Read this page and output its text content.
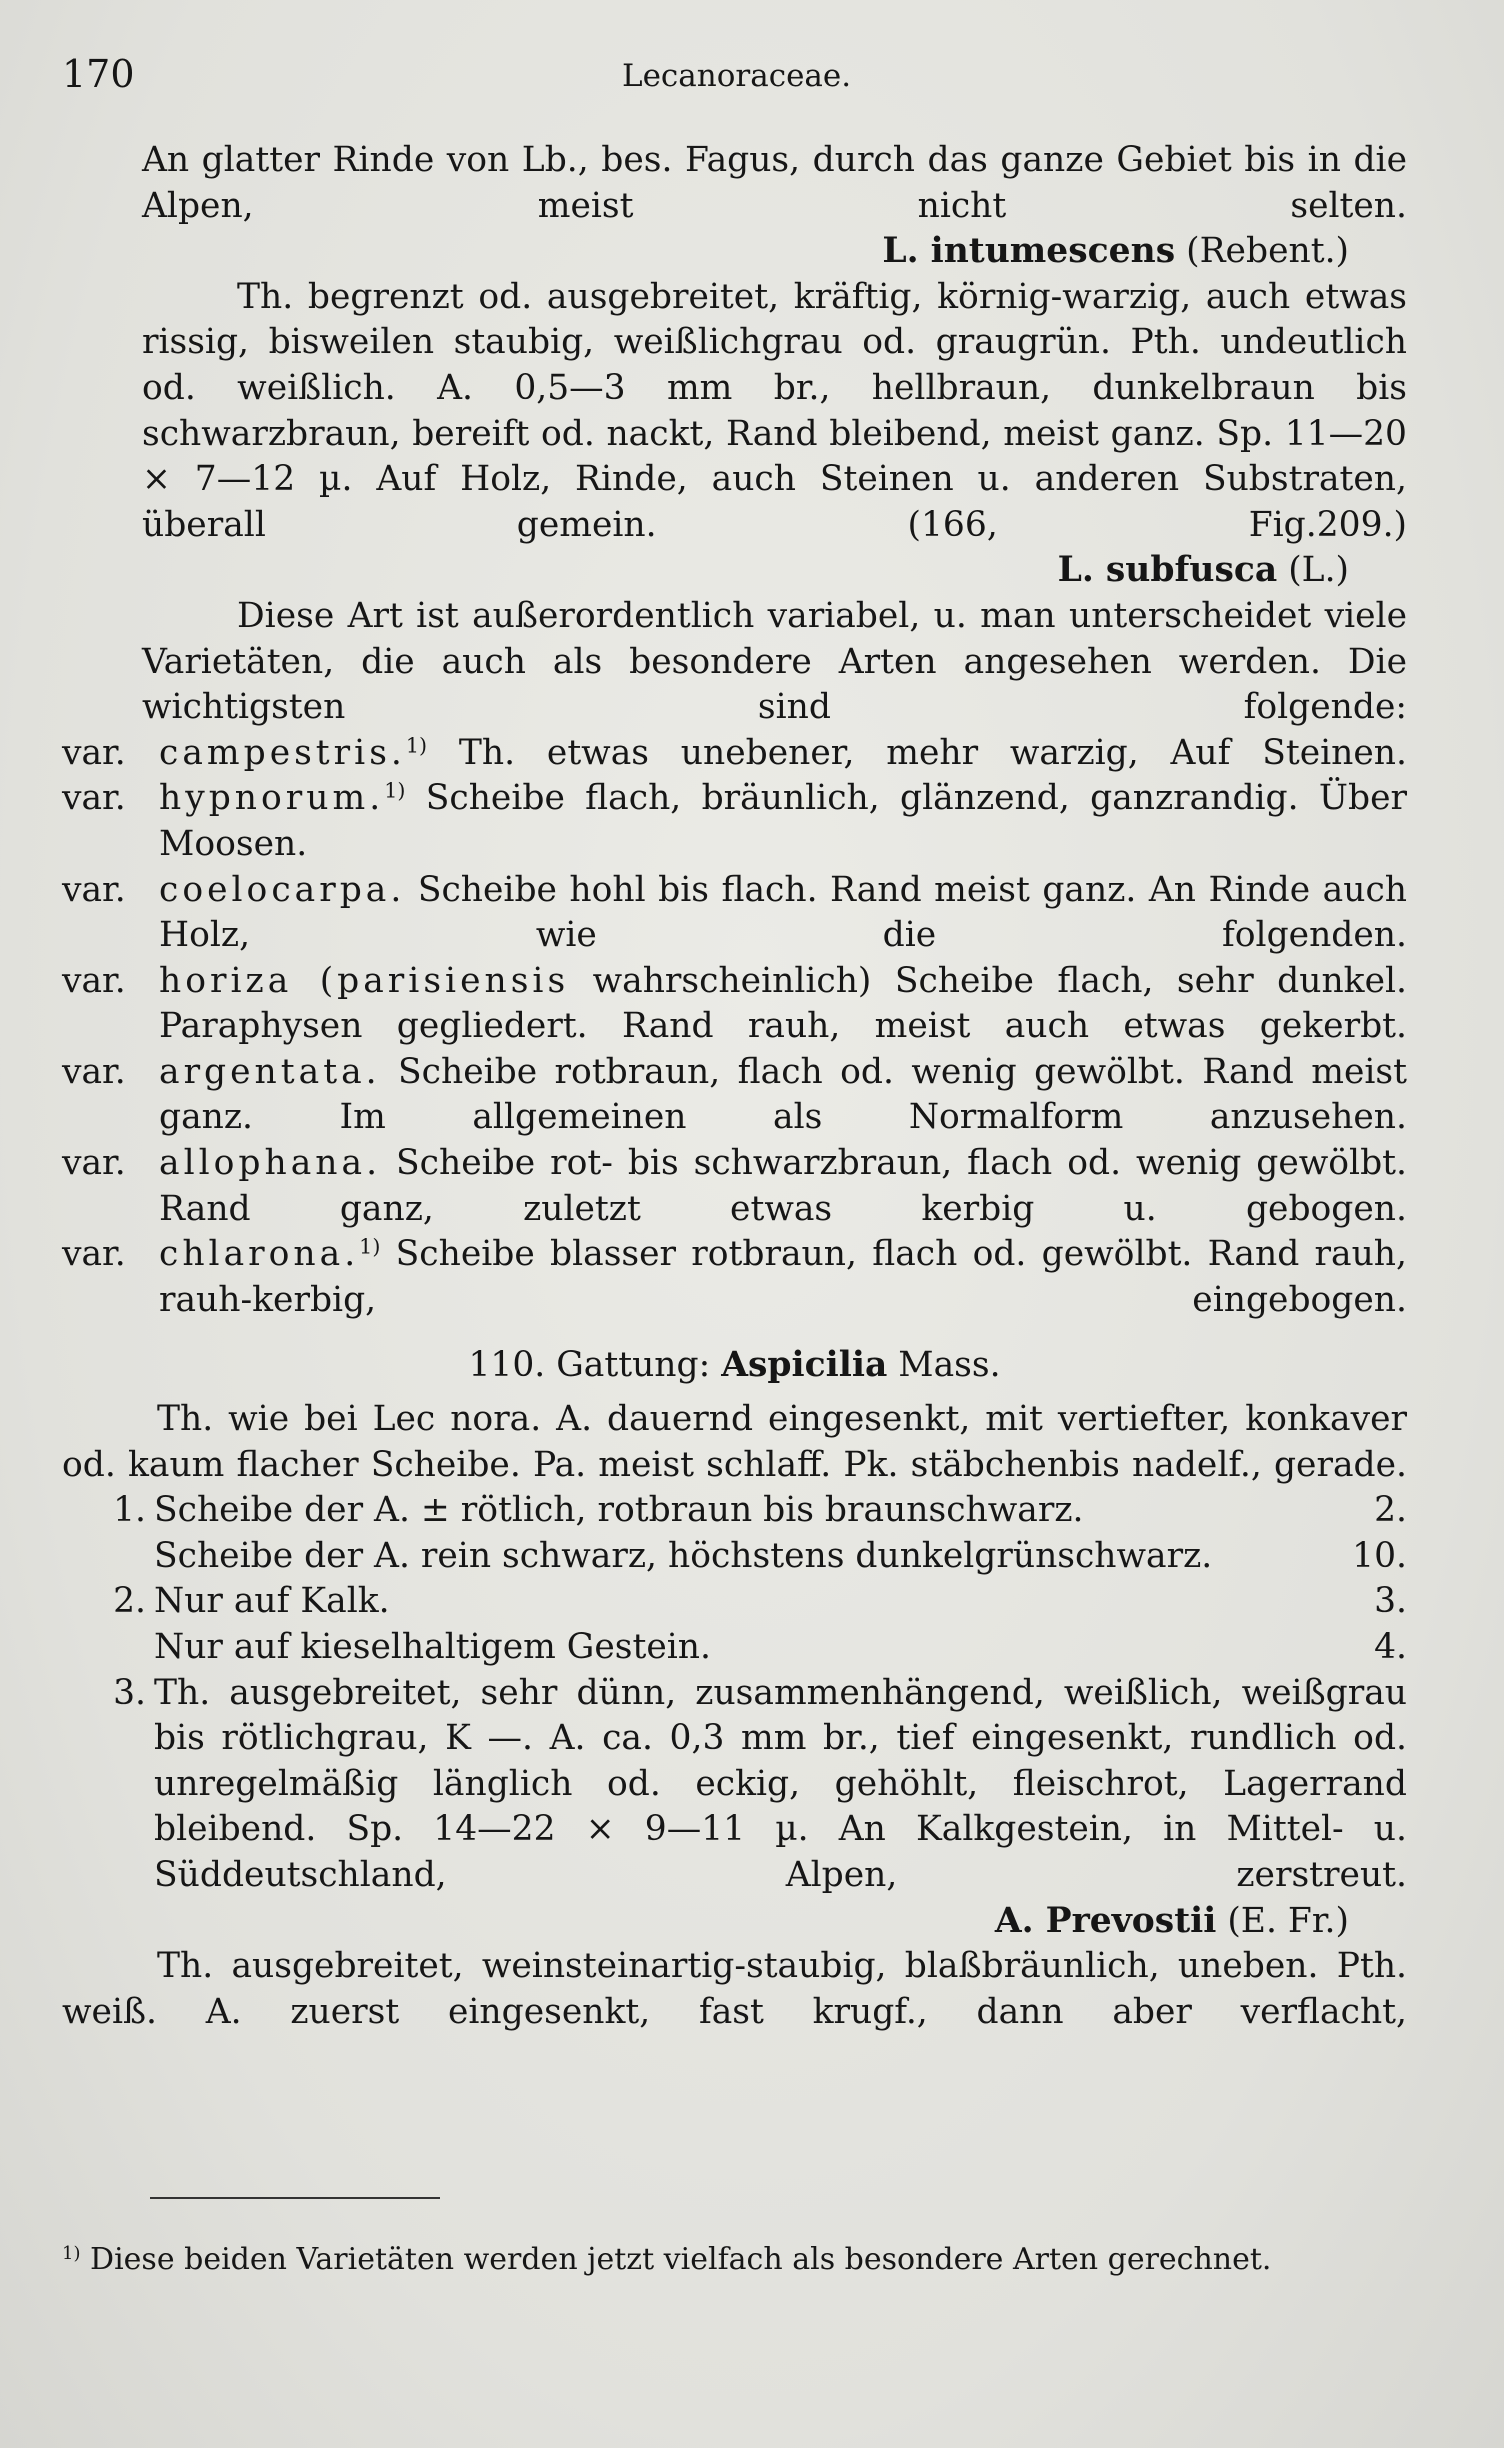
170	Lecanoraceae.

An glatter Rinde von Lb., bes. Fagus, durch das ganze Gebiet bis in die Alpen, meist nicht selten.

L. intumescens (Rebent.)

Th. begrenzt od. ausgebreitet, kräftig, körnig-warzig, auch etwas rissig, bisweilen staubig, weißlichgrau od. graugrün. Pth. undeutlich od. weißlich. A. 0,5—3 mm br., hellbraun, dunkelbraun bis schwarzbraun, bereift od. nackt, Rand bleibend, meist ganz. Sp. 11—20 × 7—12 µ. Auf Holz, Rinde, auch Steinen u. anderen Substraten, überall gemein. (166, Fig.209.)

L. subfusca (L.)

Diese Art ist außerordentlich variabel, u. man unterscheidet viele Varietäten, die auch als besondere Arten angesehen werden. Die wichtigsten sind folgende:

var. campestris.$^{1)}$ Th. etwas unebener, mehr warzig, Auf Steinen.

var. hypnorum.$^{1)}$ Scheibe flach, bräunlich, glänzend, ganzrandig. Über Moosen.

var. coelocarpa. Scheibe hohl bis flach. Rand meist ganz. An Rinde auch Holz, wie die folgenden.

var. horiza (parisiensis wahrscheinlich) Scheibe flach, sehr dunkel. Paraphysen gegliedert. Rand rauh, meist auch etwas gekerbt.

var. argentata. Scheibe rotbraun, flach od. wenig gewölbt. Rand meist ganz. Im allgemeinen als Normalform anzusehen.

var. allophana. Scheibe rot- bis schwarzbraun, flach od. wenig gewölbt. Rand ganz, zuletzt etwas kerbig u. gebogen.

var. chlarona.$^{1)}$ Scheibe blasser rotbraun, flach od. gewölbt. Rand rauh, rauh-kerbig, eingebogen.

110. Gattung: Aspicilia Mass.

Th. wie bei Lec nora. A. dauernd eingesenkt, mit vertiefter, konkaver od. kaum flacher Scheibe. Pa. meist schlaff. Pk. stäbchenbis nadelf., gerade.

1. Scheibe der A. ± rötlich, rotbraun bis braunschwarz.	2.
Scheibe der A. rein schwarz, höchstens dunkelgrünschwarz.	10.
2. Nur auf Kalk.	3.
Nur auf kieselhaltigem Gestein.	4.
3. Th. ausgebreitet, sehr dünn, zusammenhängend, weißlich, weißgrau bis rötlichgrau, K —. A. ca. 0,3 mm br., tief eingesenkt, rundlich od. unregelmäßig länglich od. eckig, gehöhlt, fleischrot, Lagerrand bleibend. Sp. 14—22 × 9—11 µ. An Kalkgestein, in Mittel- u. Süddeutschland, Alpen, zerstreut.

A. Prevostii (E. Fr.)

Th. ausgebreitet, weinsteinartig-staubig, blaßbräunlich, uneben. Pth. weiß. A. zuerst eingesenkt, fast krugf., dann aber verflacht,

$^{1)}$ Diese beiden Varietäten werden jetzt vielfach als besondere Arten gerechnet.
